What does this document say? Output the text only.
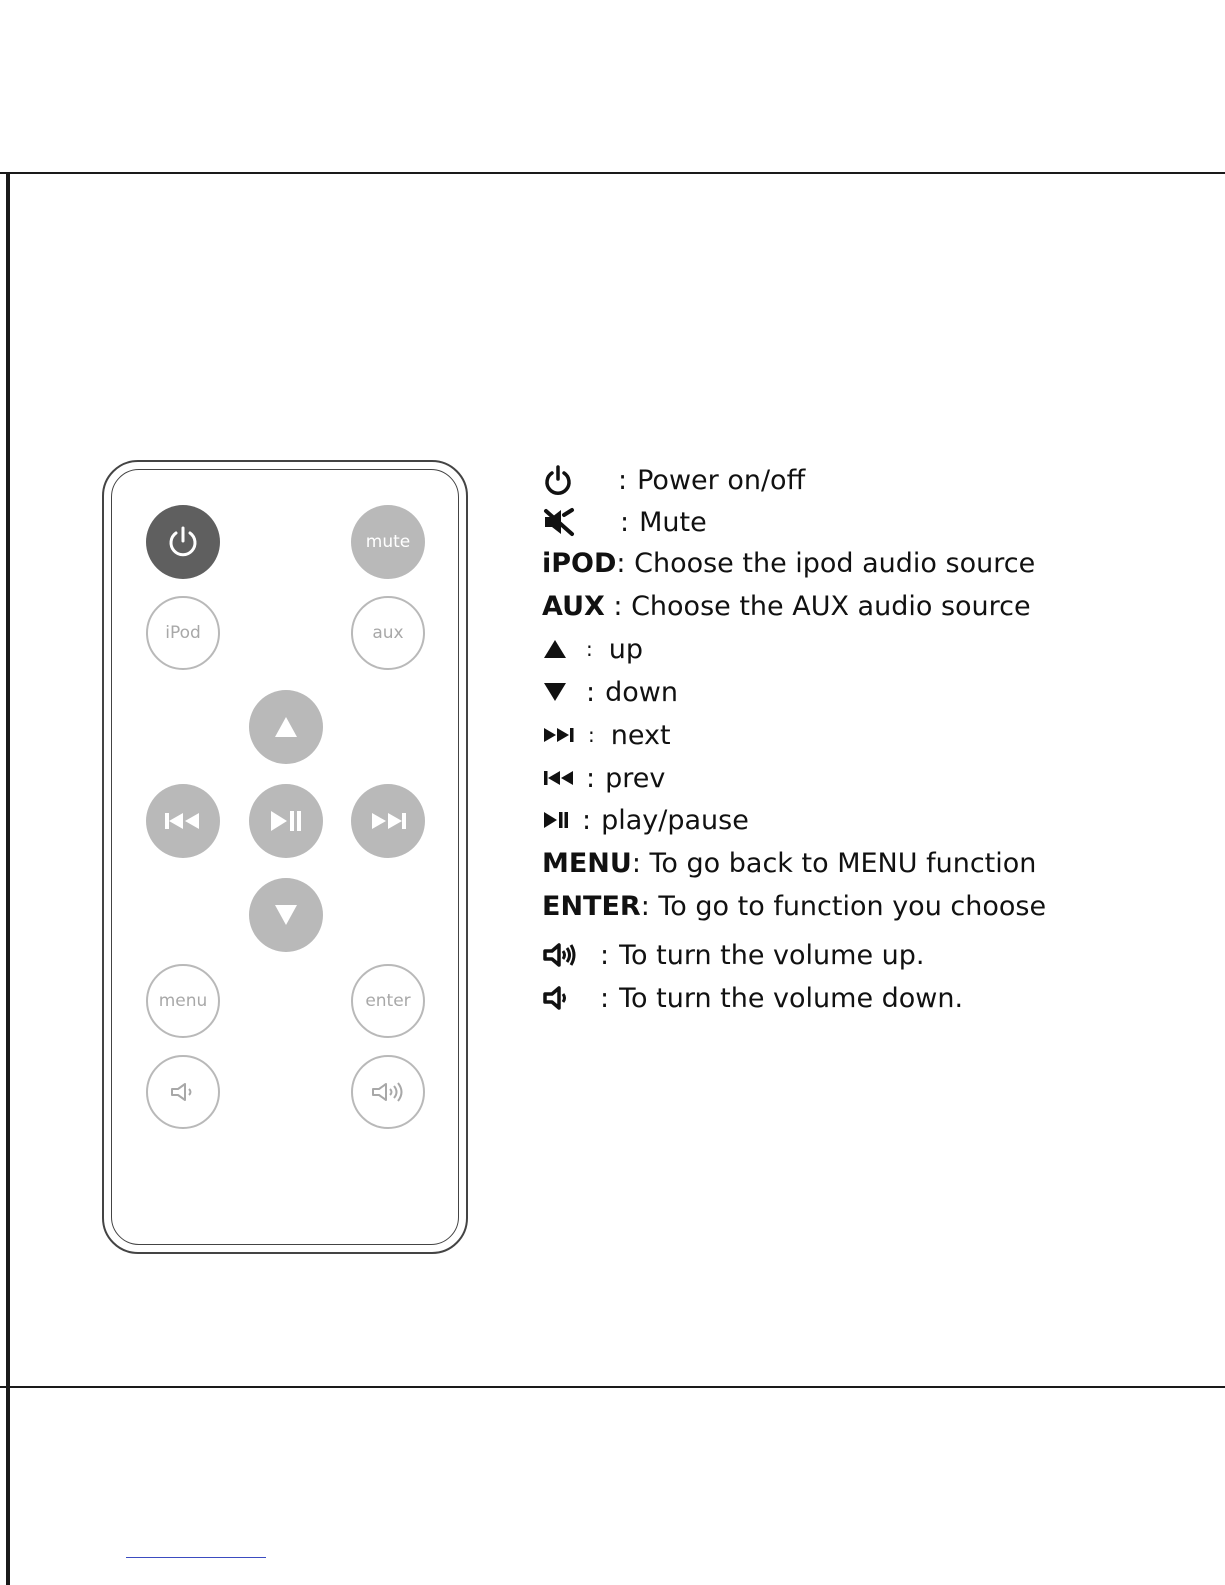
mute
iPod	aux
menu	enter
: Power on/off
: Mute
iPOD : Choose the ipod audio source
AUX : Choose the AUX audio source
: up
: down
: next
: prev
: play/pause
MENU : To go back to MENU function
ENTER : To go to function you choose
: To turn the volume up.
: To turn the volume down.
